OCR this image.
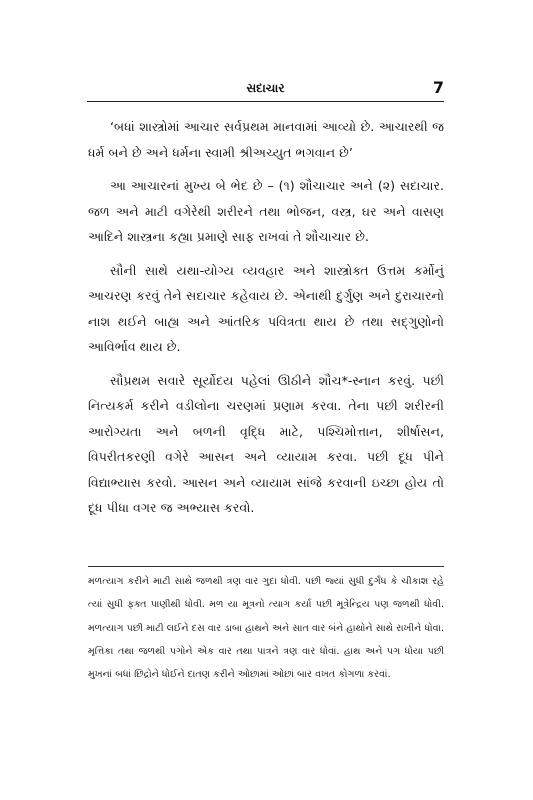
સદાચાર	7

‘બધાં શાસ્ત્રોમાં આચાર સર્વપ્રથમ માનવામાં આવ્યો છે. આચારથી જ ધર્મ બને છે અને ધર્મના સ્વામી શ્રીઅચ્યુત ભગવાન છે’

આ આચારનાં મુખ્ય બે ભેદ છે – (૧) શૌચાચાર અને (૨) સદાચાર. જળ અને માટી વગેરેથી શરીરને તથા ભોજન, વસ્ત્ર, ઘર અને વાસણ આદિને શાસ્ત્રના કહ્યા પ્રમાણે સાફ રાખવાં તે શૌચાચાર છે.

સૌની સાથે યથા-યોગ્ય વ્યવહાર અને શાસ્ત્રોક્ત ઉત્તમ કર્મોનું આચરણ કરવું તેને સદાચાર કહેવાય છે. એનાથી દુર્ગુણ અને દુરાચારનો નાશ થઈને બાહ્ય અને આંતરિક પવિત્રતા થાય છે તથા સદ્‌ગુણોનો આવિર્ભાવ થાય છે.

સૌપ્રથમ સવારે સૂર્યોદય પહેલાં ઊઠીને શૌચ*-સ્નાન કરવું. પછી નિત્યકર્મ કરીને વડીલોના ચરણમાં પ્રણામ કરવા. તેના પછી શરીરની આરોગ્યતા અને બળની વૃદ્ધિ માટે, પશ્ચિમોત્તાન, શીર્ષાસન, વિપરીતકરણી વગેરે આસન અને વ્યાયામ કરવા. પછી દૂધ પીને વિદ્યાભ્યાસ કરવો. આસન અને વ્યાયામ સાંજે કરવાની ઇચ્છા હોય તો દૂધ પીધા વગર જ અભ્યાસ કરવો.

મળત્યાગ કરીને માટી સાથે જળથી ત્રણ વાર ગુદા ધોવી. પછી જ્યાં સુધી દુર્ગંધ કે ચીકાશ રહે ત્યાં સુધી ફક્ત પાણીથી ધોવી. મળ યા મૂત્રનો ત્યાગ કર્યા પછી મૂત્રેન્દ્રિય પણ જળથી ધોવી. મળત્યાગ પછી માટી લઈને દસ વાર ડાબા હાથને અને સાત વાર બંને હાથોને સાથે રાખીને ધોવા. મૃત્તિકા તથા જળથી પગોને એક વાર તથા પાત્રને ત્રણ વાર ધોવાં. હાથ અને પગ ધોયા પછી મુખનાં બધાં છિદ્રોને ધોઈને દાતણ કરીને ઓછામાં ઓછાં બાર વખત કોગળા કરવાં.
